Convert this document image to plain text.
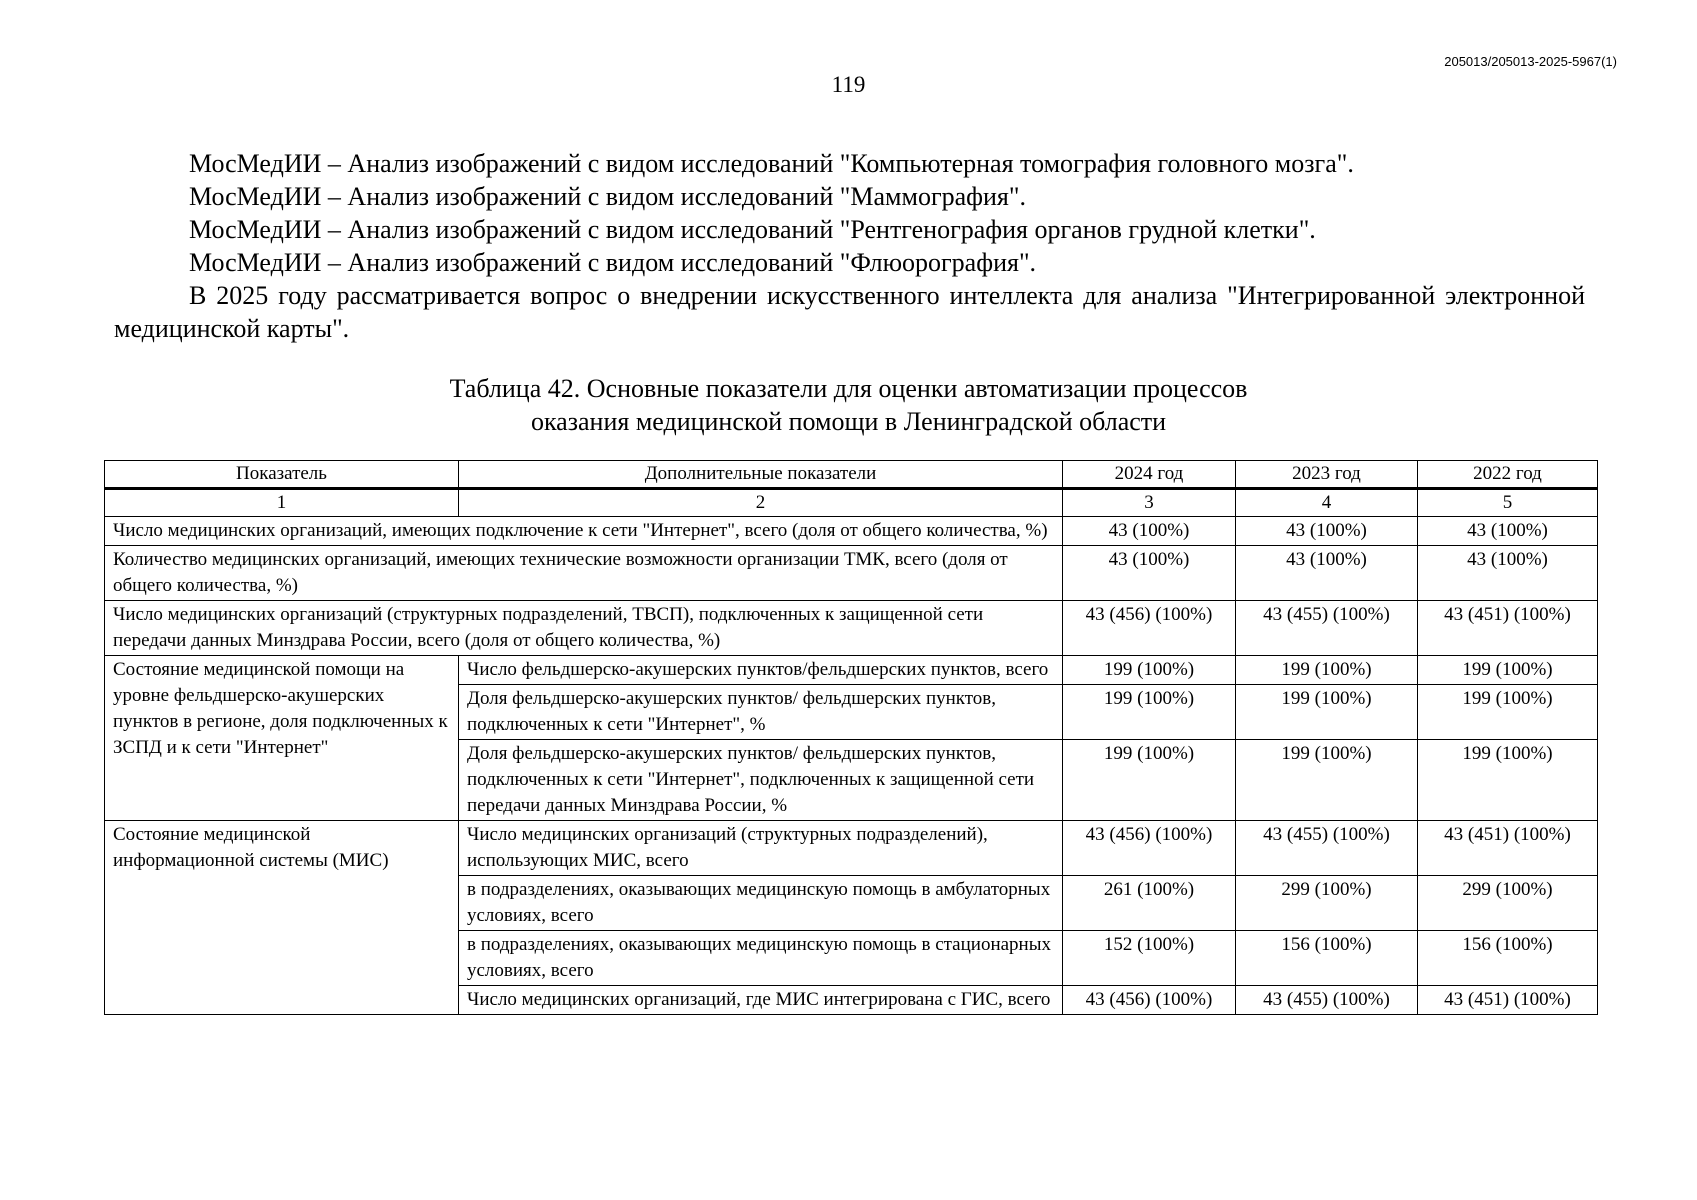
205013/205013-2025-5967(1)
119

МосМедИИ – Анализ изображений с видом исследований "Компьютерная томография головного мозга".

МосМедИИ – Анализ изображений с видом исследований "Маммография".

МосМедИИ – Анализ изображений с видом исследований "Рентгенография органов грудной клетки".

МосМедИИ – Анализ изображений с видом исследований "Флюорография".

В 2025 году рассматривается вопрос о внедрении искусственного интеллекта для анализа "Интегрированной электронной медицинской карты".

Таблица 42. Основные показатели для оценки автоматизации процессов
оказания медицинской помощи в Ленинградской области
Показатель	Дополнительные показатели	2024 год	2023 год	2022 год
1	2	3	4	5
Число медицинских организаций, имеющих подключение к сети "Интернет", всего (доля от общего количества, %)		43 (100%)	43 (100%)	43 (100%)
Количество медицинских организаций, имеющих технические возможности организации ТМК, всего (доля от общего количества, %)		43 (100%)	43 (100%)	43 (100%)
Число медицинских организаций (структурных подразделений, ТВСП), подключенных к защищенной сети передачи данных Минздрава России, всего (доля от общего количества, %)		43 (456) (100%)	43 (455) (100%)	43 (451) (100%)
Состояние медицинской помощи на уровне фельдшерско-акушерских пунктов в регионе, доля подключенных к ЗСПД и к сети "Интернет"	Число фельдшерско-акушерских пунктов/фельдшерских пунктов, всего	199 (100%)	199 (100%)	199 (100%)
	Доля фельдшерско-акушерских пунктов/ фельдшерских пунктов, подключенных к сети "Интернет", %	199 (100%)	199 (100%)	199 (100%)
	Доля фельдшерско-акушерских пунктов/ фельдшерских пунктов, подключенных к сети "Интернет", подключенных к защищенной сети передачи данных Минздрава России, %	199 (100%)	199 (100%)	199 (100%)
Состояние медицинской информационной системы (МИС)	Число медицинских организаций (структурных подразделений), использующих МИС, всего	43 (456) (100%)	43 (455) (100%)	43 (451) (100%)
	в подразделениях, оказывающих медицинскую помощь в амбулаторных условиях, всего	261 (100%)	299 (100%)	299 (100%)
	в подразделениях, оказывающих медицинскую помощь в стационарных условиях, всего	152 (100%)	156 (100%)	156 (100%)
	Число медицинских организаций, где МИС интегрирована с ГИС, всего	43 (456) (100%)	43 (455) (100%)	43 (451) (100%)
